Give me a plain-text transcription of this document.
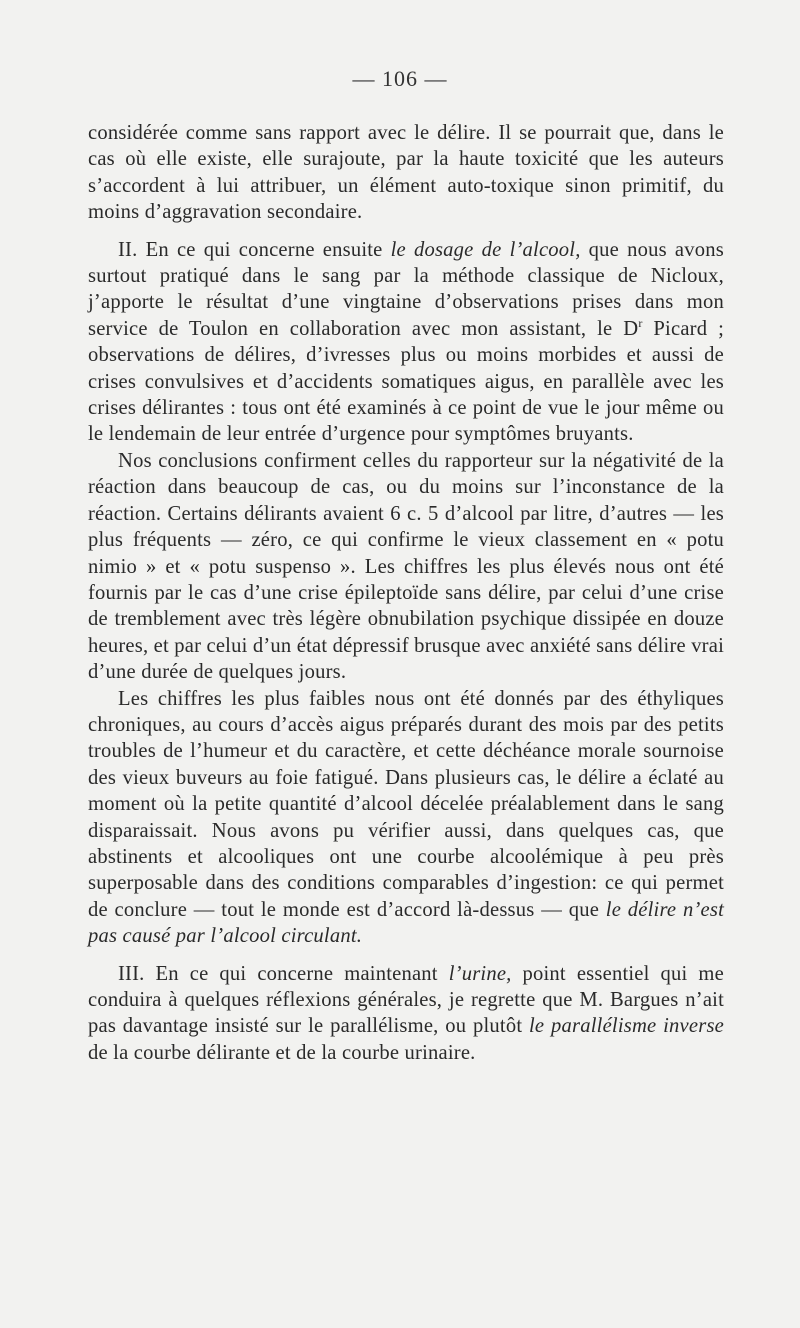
— 106 —

considérée comme sans rapport avec le délire. Il se pourrait que, dans le cas où elle existe, elle surajoute, par la haute toxicité que les auteurs s’accordent à lui attribuer, un élément auto-toxique sinon primitif, du moins d’aggravation secondaire.

II. En ce qui concerne ensuite le dosage de l’alcool, que nous avons surtout pratiqué dans le sang par la méthode classique de Nicloux, j’apporte le résultat d’une vingtaine d’observations prises dans mon service de Toulon en collaboration avec mon assistant, le $D^r$ Picard ; observations de délires, d’ivresses plus ou moins morbides et aussi de crises convulsives et d’accidents somatiques aigus, en parallèle avec les crises délirantes : tous ont été examinés à ce point de vue le jour même ou le lendemain de leur entrée d’urgence pour symptômes bruyants.

Nos conclusions confirment celles du rapporteur sur la négativité de la réaction dans beaucoup de cas, ou du moins sur l’inconstance de la réaction. Certains délirants avaient 6 c. 5 d’alcool par litre, d’autres — les plus fréquents — zéro, ce qui confirme le vieux classement en « potu nimio » et « potu suspenso ». Les chiffres les plus élevés nous ont été fournis par le cas d’une crise épileptoïde sans délire, par celui d’une crise de tremblement avec très légère obnubilation psychique dissipée en douze heures, et par celui d’un état dépressif brusque avec anxiété sans délire vrai d’une durée de quelques jours.

Les chiffres les plus faibles nous ont été donnés par des éthyliques chroniques, au cours d’accès aigus préparés durant des mois par des petits troubles de l’humeur et du caractère, et cette déchéance morale sournoise des vieux buveurs au foie fatigué. Dans plusieurs cas, le délire a éclaté au moment où la petite quantité d’alcool décelée préalablement dans le sang disparaissait. Nous avons pu vérifier aussi, dans quelques cas, que abstinents et alcooliques ont une courbe alcoolémique à peu près superposable dans des conditions comparables d’ingestion: ce qui permet de conclure — tout le monde est d’accord là-dessus — que le délire n’est pas causé par l’alcool circulant.

III. En ce qui concerne maintenant l’urine, point essentiel qui me conduira à quelques réflexions générales, je regrette que M. Bargues n’ait pas davantage insisté sur le parallélisme, ou plutôt le parallélisme inverse de la courbe délirante et de la courbe urinaire.
